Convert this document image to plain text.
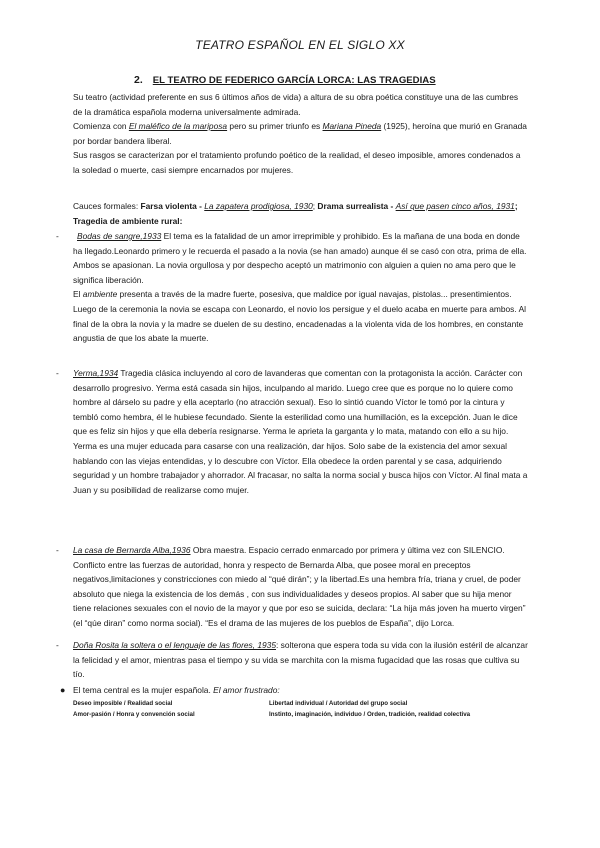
TEATRO ESPAÑOL EN EL SIGLO XX
2. EL TEATRO DE FEDERICO GARCÍA LORCA: LAS TRAGEDIAS

Su teatro (actividad preferente en sus 6 últimos años de vida) a altura de su obra poética constituye una de las cumbres de la dramática española moderna universalmente admirada.

Comienza con El maléfico de la mariposa pero su primer triunfo es Mariana Pineda (1925), heroína que murió en Granada por bordar bandera liberal.

Sus rasgos se caracterizan por el tratamiento profundo poético de la realidad, el deseo imposible, amores condenados a la soledad o muerte, casi siempre encarnados por mujeres.

Cauces formales: Farsa violenta - La zapatera prodigiosa, 1930; Drama surrealista - Así que pasen cinco años, 1931; Tragedia de ambiente rural:

-	Bodas de sangre,1933 El tema es la fatalidad de un amor irreprimible y prohibido. Es la mañana de una boda en donde ha llegado.Leonardo primero y le recuerda el pasado a la novia (se han amado) aunque él se casó con otra, prima de ella. Ambos se apasionan. La novia orgullosa y por despecho aceptó un matrimonio con alguien a quien no ama pero que le significa liberación.

El ambiente presenta a través de la madre fuerte, posesiva, que maldice por igual navajas, pistolas... presentimientos. Luego de la ceremonia la novia se escapa con Leonardo, el novio los persigue y el duelo acaba en muerte para ambos. Al final de la obra la novia y la madre se duelen de su destino, encadenadas a la violenta vida de los hombres, en constante angustia de que los abate la muerte.

- Yerma,1934 Tragedia clásica incluyendo al coro de lavanderas que comentan con la protagonista la acción. Carácter con desarrollo progresivo. Yerma está casada sin hijos, inculpando al marido. Luego cree que es porque no lo quiere como hombre al dárselo su padre y ella aceptarlo (no atracción sexual). Eso lo sintió cuando Víctor le tomó por la cintura y tembló como hembra, él le hubiese fecundado. Siente la esterilidad como una humillación, es la excepción. Juan le dice que es feliz sin hijos y que ella debería resignarse. Yerma le aprieta la garganta y lo mata, matando con ello a su hijo. Yerma es una mujer educada para casarse con una realización, dar hijos. Solo sabe de la existencia del amor sexual hablando con las viejas entendidas, y lo descubre con Víctor. Ella obedece la orden parental y se casa, adquiriendo seguridad y un hombre trabajador y ahorrador. Al fracasar, no salta la norma social y busca hijos con Víctor. Al final mata a Juan y su posibilidad de realizarse como mujer.

- La casa de Bernarda Alba,1936 Obra maestra. Espacio cerrado enmarcado por primera y última vez con SILENCIO. Conflicto entre las fuerzas de autoridad, honra y respecto de Bernarda Alba, que posee moral en preceptos negativos,limitaciones y constricciones con miedo al “qué dirán”; y la libertad.Es una hembra fría, triana y cruel, de poder absoluto que niega la existencia de los demás , con sus individualidades y deseos propios. Al saber que su hija menor tiene relaciones sexuales con el novio de la mayor y que por eso se suicida, declara: “La hija más joven ha muerto virgen” (el “qúe diran” como norma social). “Es el drama de las mujeres de los pueblos de España”, dijo Lorca.

- Doña Rosita la soltera o el lenguaje de las flores, 1935: solterona que espera toda su vida con la ilusión estéril de alcanzar la felicidad y el amor, mientras pasa el tiempo y su vida se marchita con la misma fugacidad que las rosas que cultiva su tío.

● El tema central es la mujer española. El amor frustrado:

Deseo imposible / Realidad social	Libertad individual / Autoridad del grupo social
Amor-pasión / Honra y convención social	Instinto, imaginación, individuo / Orden, tradición, realidad colectiva
